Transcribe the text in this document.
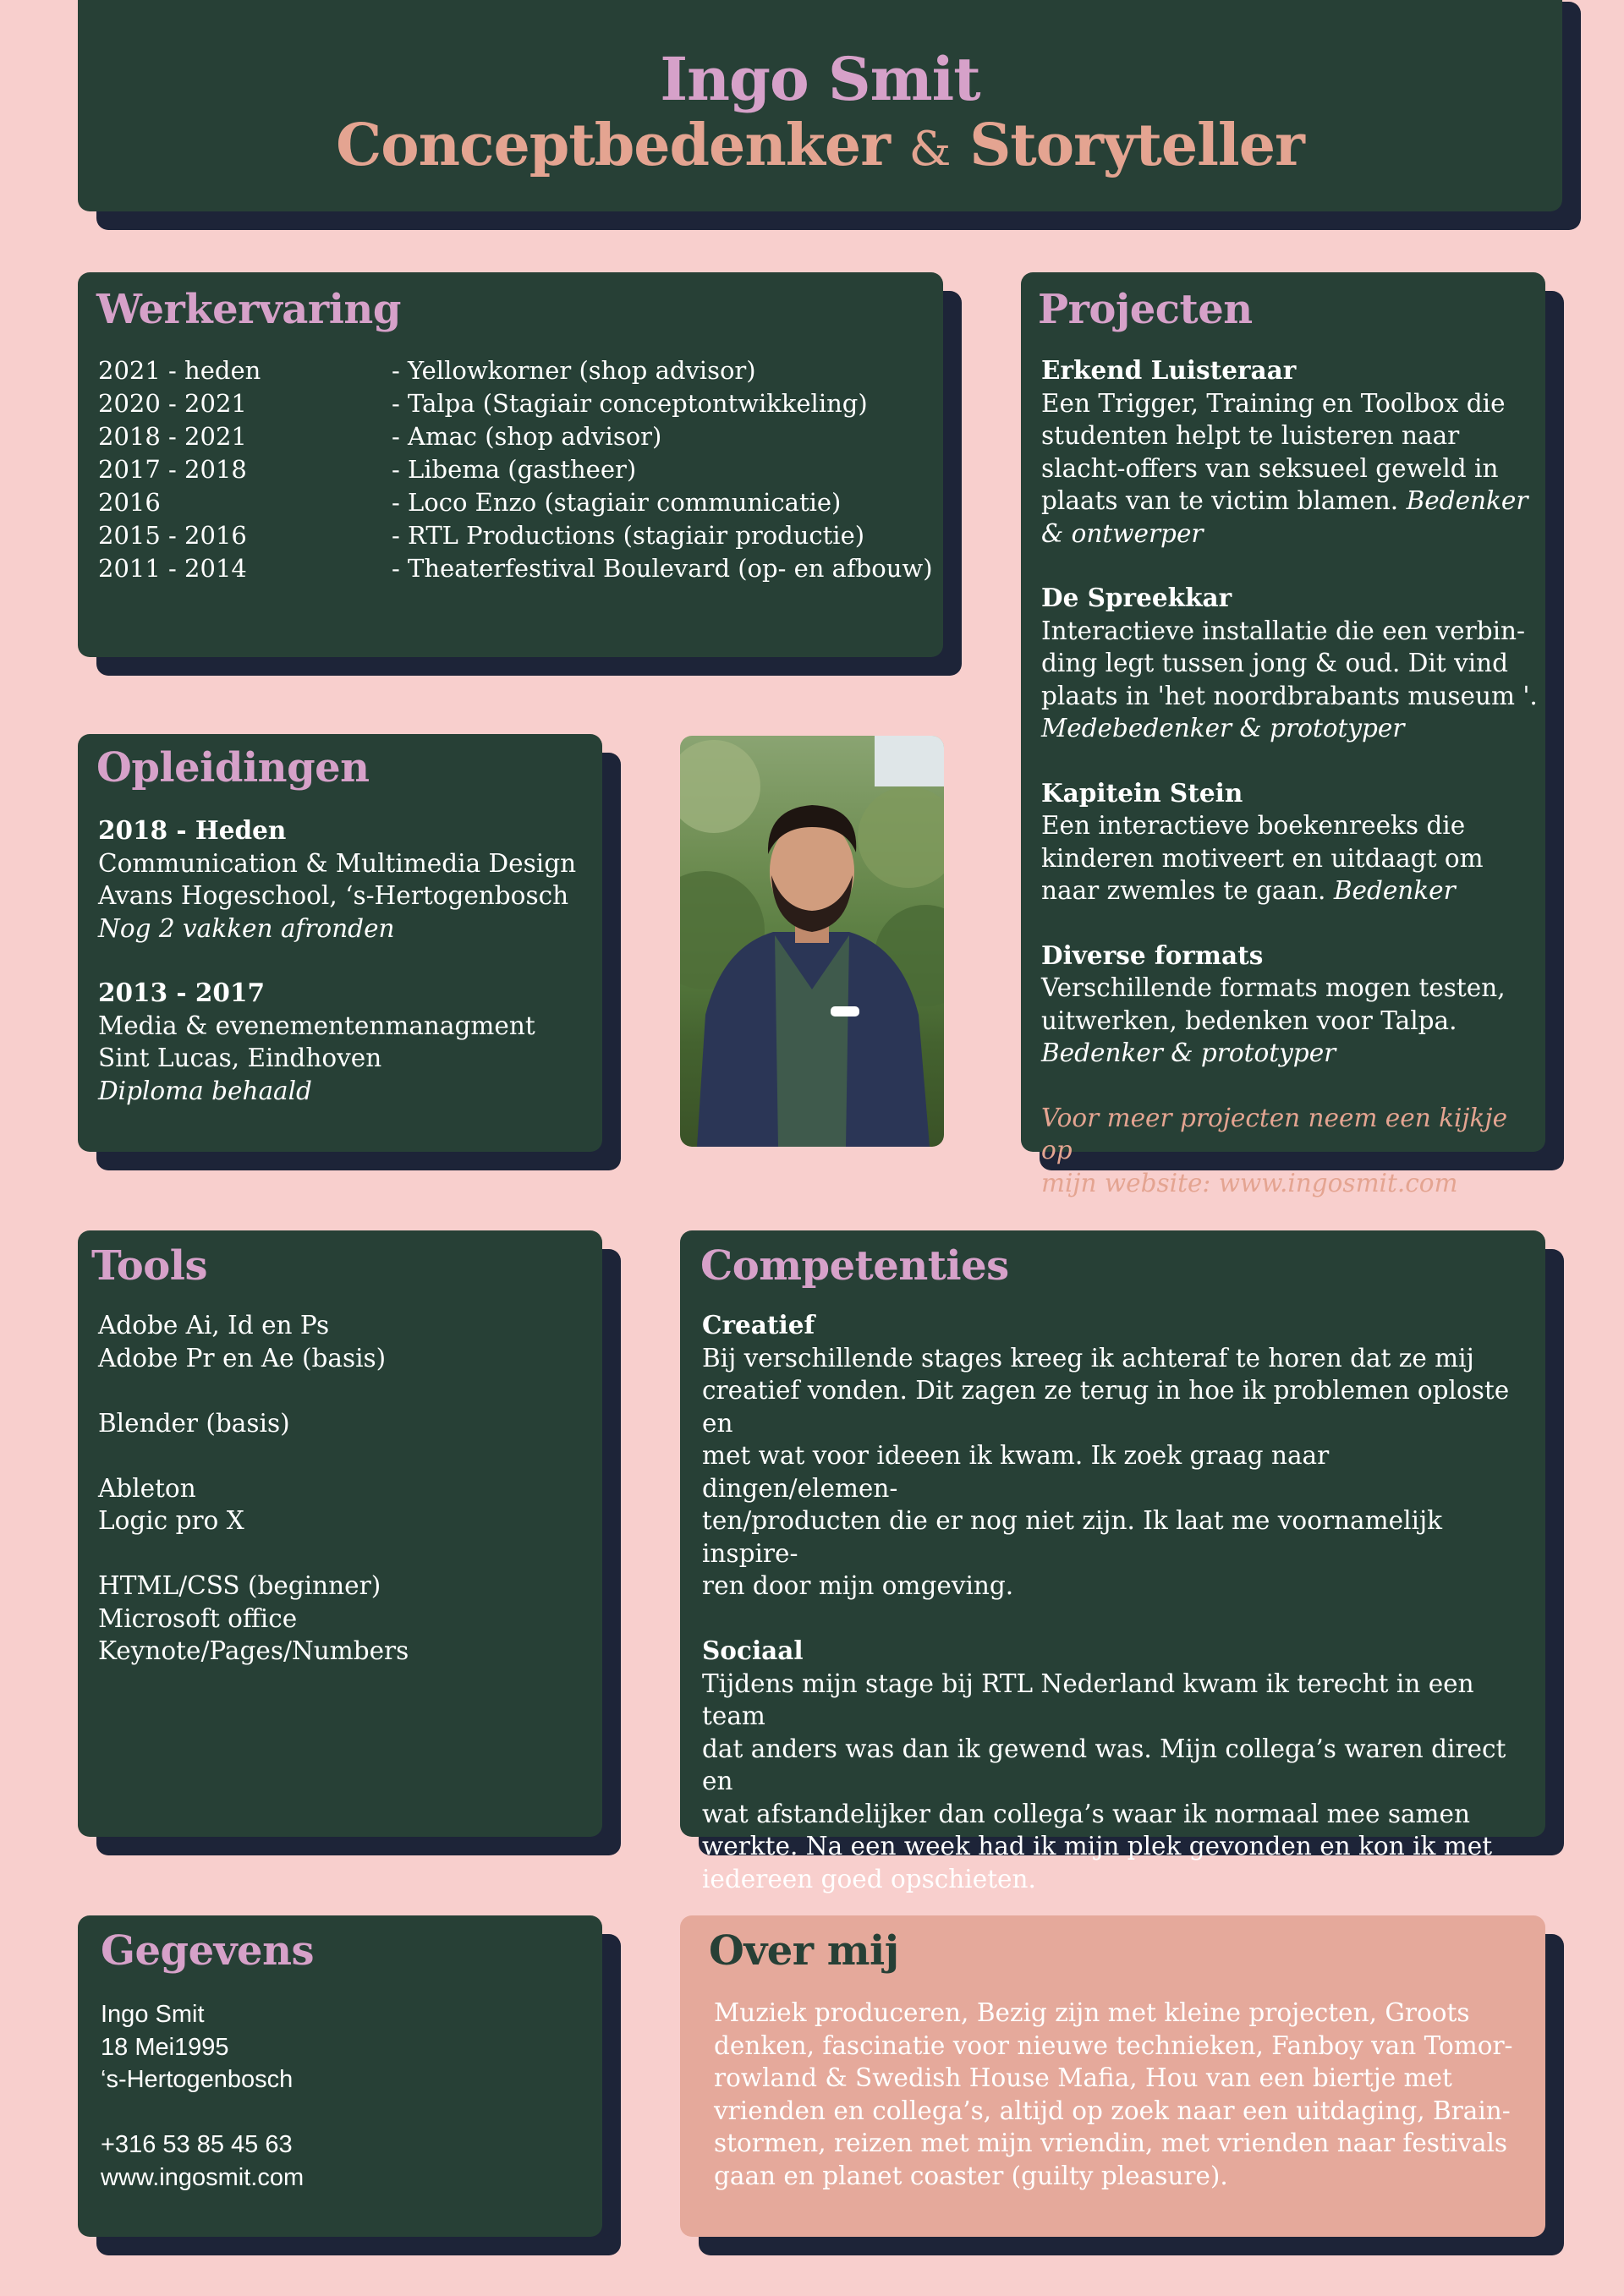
Ingo Smit
Conceptbedenker & Storyteller
Werkervaring
2021 - heden	- Yellowkorner (shop advisor)
2020 - 2021	- Talpa (Stagiair conceptontwikkeling)
2018 - 2021	- Amac (shop advisor)
2017 - 2018	- Libema (gastheer)
2016	- Loco Enzo (stagiair communicatie)
2015 - 2016	- RTL Productions (stagiair productie)
2011 - 2014	- Theaterfestival Boulevard (op- en afbouw)
Projecten
Erkend Luisteraar
Een Trigger, Training en Toolbox die studenten helpt te luisteren naar slacht-offers van seksueel geweld in plaats van te victim blamen. Bedenker & ontwerper
De Spreekkar
Interactieve installatie die een verbin-ding legt tussen jong & oud. Dit vind plaats in 'het noordbrabants museum '. Medebedenker & prototyper
Kapitein Stein
Een interactieve boekenreeks die kinderen motiveert en uitdaagt om naar zwemles te gaan. Bedenker
Diverse formats
Verschillende formats mogen testen, uitwerken, bedenken voor Talpa. Bedenker & prototyper
Voor meer projecten neem een kijkje op
mijn website: www.ingosmit.com
Opleidingen
2018 - Heden
Communication & Multimedia Design
Avans Hogeschool, ‘s-Hertogenbosch
Nog 2 vakken afronden
2013 - 2017
Media & evenementenmanagment
Sint Lucas, Eindhoven
Diploma behaald
Tools
Adobe Ai, Id en Ps
Adobe Pr en Ae (basis)
Blender (basis)
Ableton
Logic pro X
HTML/CSS (beginner)
Microsoft office
Keynote/Pages/Numbers
Competenties
Creatief
Bij verschillende stages kreeg ik achteraf te horen dat ze mij
creatief vonden. Dit zagen ze terug in hoe ik problemen oploste en
met wat voor ideeen ik kwam. Ik zoek graag naar dingen/elemen-
ten/producten die er nog niet zijn. Ik laat me voornamelijk inspire-
ren door mijn omgeving.
Sociaal
Tijdens mijn stage bij RTL Nederland kwam ik terecht in een team
dat anders was dan ik gewend was. Mijn collega’s waren direct en
wat afstandelijker dan collega’s waar ik normaal mee samen
werkte. Na een week had ik mijn plek gevonden en kon ik met
iedereen goed opschieten.
Gegevens
Ingo Smit
18 Mei1995
‘s-Hertogenbosch
+316 53 85 45 63
www.ingosmit.com
Over mij
Muziek produceren, Bezig zijn met kleine projecten, Groots
denken, fascinatie voor nieuwe technieken, Fanboy van Tomor-
rowland & Swedish House Mafia, Hou van een biertje met
vrienden en collega’s, altijd op zoek naar een uitdaging, Brain-
stormen, reizen met mijn vriendin, met vrienden naar festivals
gaan en planet coaster (guilty pleasure).
